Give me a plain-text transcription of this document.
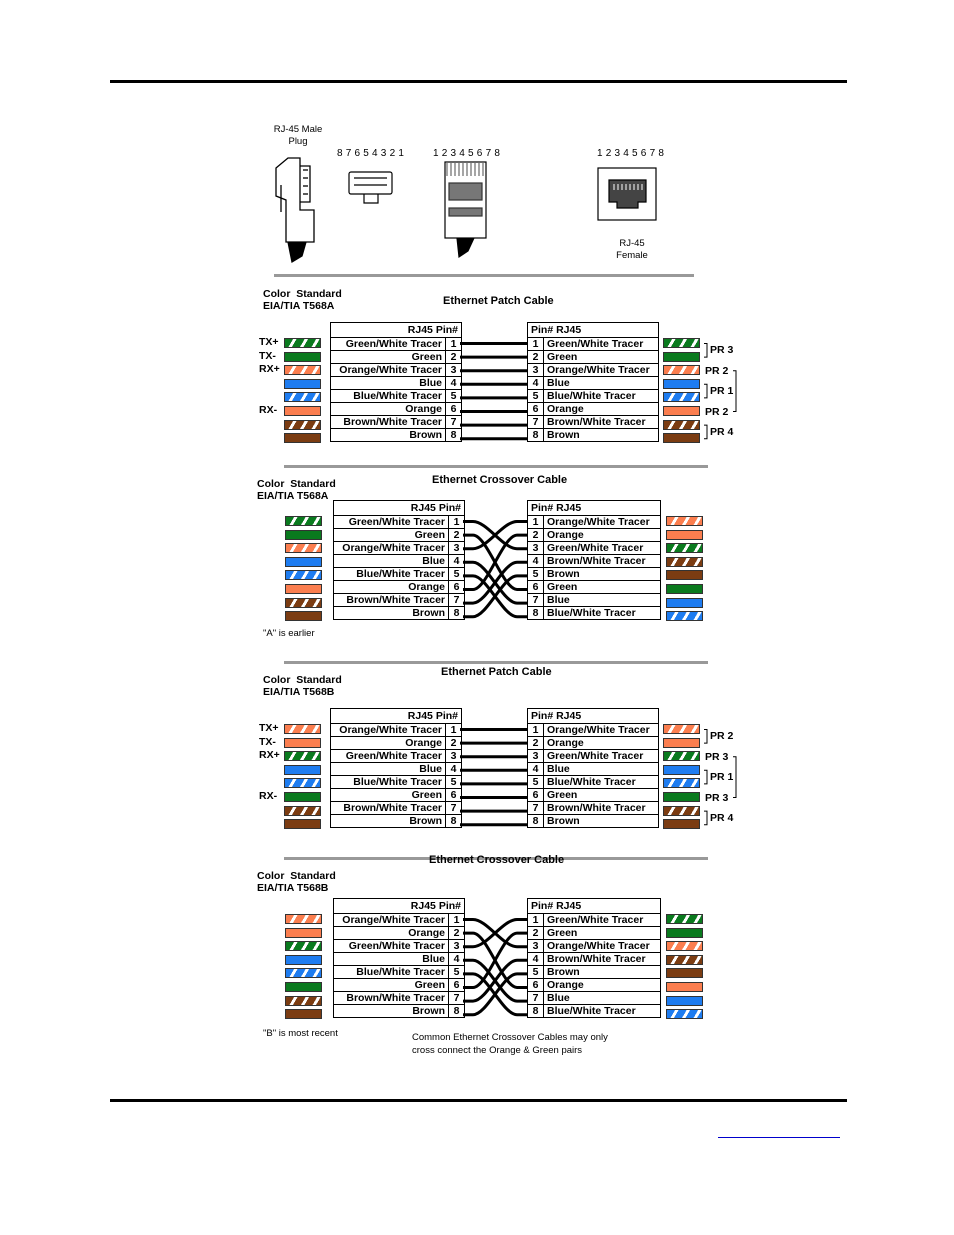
RJ-45 Male
Plug
87654321	12345678	12345678
RJ-45
Female
Color  Standard
EIA/TIA T568A	Ethernet Patch Cable
RJ45 Pin#
Green/White Tracer 1
Green 2
Orange/White Tracer 3
Blue 4
Blue/White Tracer 5
Orange 6
Brown/White Tracer 7
Brown 8
Pin# RJ45
1 Green/White Tracer
2 Green
3 Orange/White Tracer
4 Blue
5 Blue/White Tracer
6 Orange
7 Brown/White Tracer
8 Brown
TX+
TX-
RX+
RX-
PR 3
PR 2
PR 1
PR 2
PR 4
Color  Standard
EIA/TIA T568A
Ethernet Crossover Cable
RJ45 Pin#
Green/White Tracer 1
Green 2
Orange/White Tracer 3
Blue 4
Blue/White Tracer 5
Orange 6
Brown/White Tracer 7
Brown 8
Pin# RJ45
1 Orange/White Tracer
2 Orange
3 Green/White Tracer
4 Brown/White Tracer
5 Brown
6 Green
7 Blue
8 Blue/White Tracer
"A" is earlier
Color  Standard
EIA/TIA T568B
Ethernet Patch Cable
RJ45 Pin#
Orange/White Tracer 1
Orange 2
Green/White Tracer 3
Blue 4
Blue/White Tracer 5
Green 6
Brown/White Tracer 7
Brown 8
Pin# RJ45
1 Orange/White Tracer
2 Orange
3 Green/White Tracer
4 Blue
5 Blue/White Tracer
6 Green
7 Brown/White Tracer
8 Brown
TX+
TX-
RX+
RX-
PR 2
PR 3
PR 1
PR 3
PR 4
Color  Standard
EIA/TIA T568B
Ethernet Crossover Cable
RJ45 Pin#
Orange/White Tracer 1
Orange 2
Green/White Tracer 3
Blue 4
Blue/White Tracer 5
Green 6
Brown/White Tracer 7
Brown 8
Pin# RJ45
1 Green/White Tracer
2 Green
3 Orange/White Tracer
4 Brown/White Tracer
5 Brown
6 Orange
7 Blue
8 Blue/White Tracer
"B" is most recent	Common Ethernet Crossover Cables may only
cross connect the Orange & Green pairs
